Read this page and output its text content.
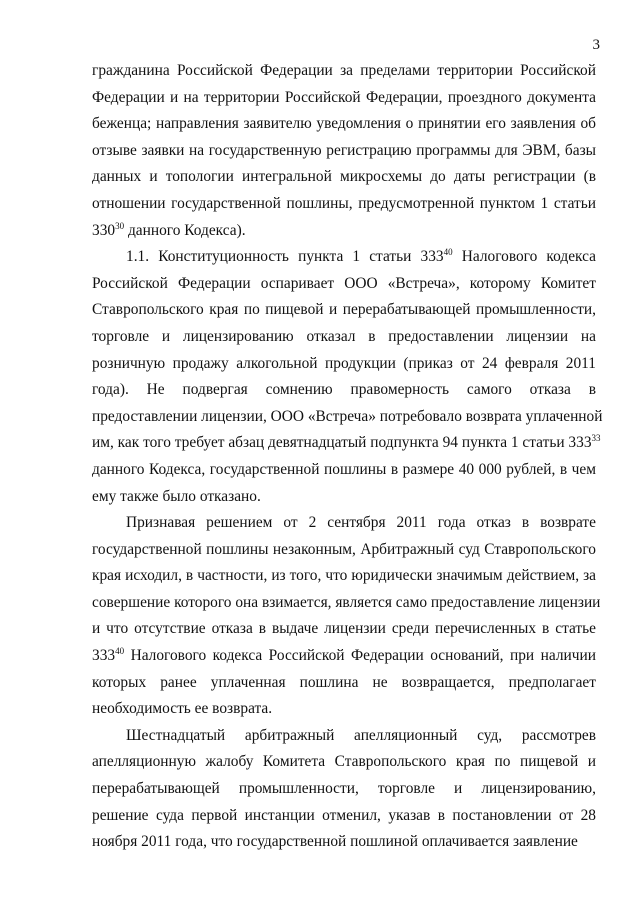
3
гражданина Российской Федерации за пределами территории Российской
Федерации и на территории Российской Федерации, проездного документа
беженца; направления заявителю уведомления о принятии его заявления об
отзыве заявки на государственную регистрацию программы для ЭВМ, базы
данных и топологии интегральной микросхемы до даты регистрации (в
отношении государственной пошлины, предусмотренной пунктом 1 статьи
$330^{30}$ данного Кодекса).
1.1. Конституционность пункта 1 статьи $333^{40}$ Налогового кодекса
Российской Федерации оспаривает ООО «Встреча», которому Комитет
Ставропольского края по пищевой и перерабатывающей промышленности,
торговле и лицензированию отказал в предоставлении лицензии на
розничную продажу алкогольной продукции (приказ от 24 февраля 2011
года). Не подвергая сомнению правомерность самого отказа в
предоставлении лицензии, ООО «Встреча» потребовало возврата уплаченной
им, как того требует абзац девятнадцатый подпункта 94 пункта 1 статьи $333^{33}$
данного Кодекса, государственной пошлины в размере 40 000 рублей, в чем
ему также было отказано.
Признавая решением от 2 сентября 2011 года отказ в возврате
государственной пошлины незаконным, Арбитражный суд Ставропольского
края исходил, в частности, из того, что юридически значимым действием, за
совершение которого она взимается, является само предоставление лицензии
и что отсутствие отказа в выдаче лицензии среди перечисленных в статье
$333^{40}$ Налогового кодекса Российской Федерации оснований, при наличии
которых ранее уплаченная пошлина не возвращается, предполагает
необходимость ее возврата.
Шестнадцатый арбитражный апелляционный суд, рассмотрев
апелляционную жалобу Комитета Ставропольского края по пищевой и
перерабатывающей промышленности, торговле и лицензированию,
решение суда первой инстанции отменил, указав в постановлении от 28
ноября 2011 года, что государственной пошлиной оплачивается заявление
